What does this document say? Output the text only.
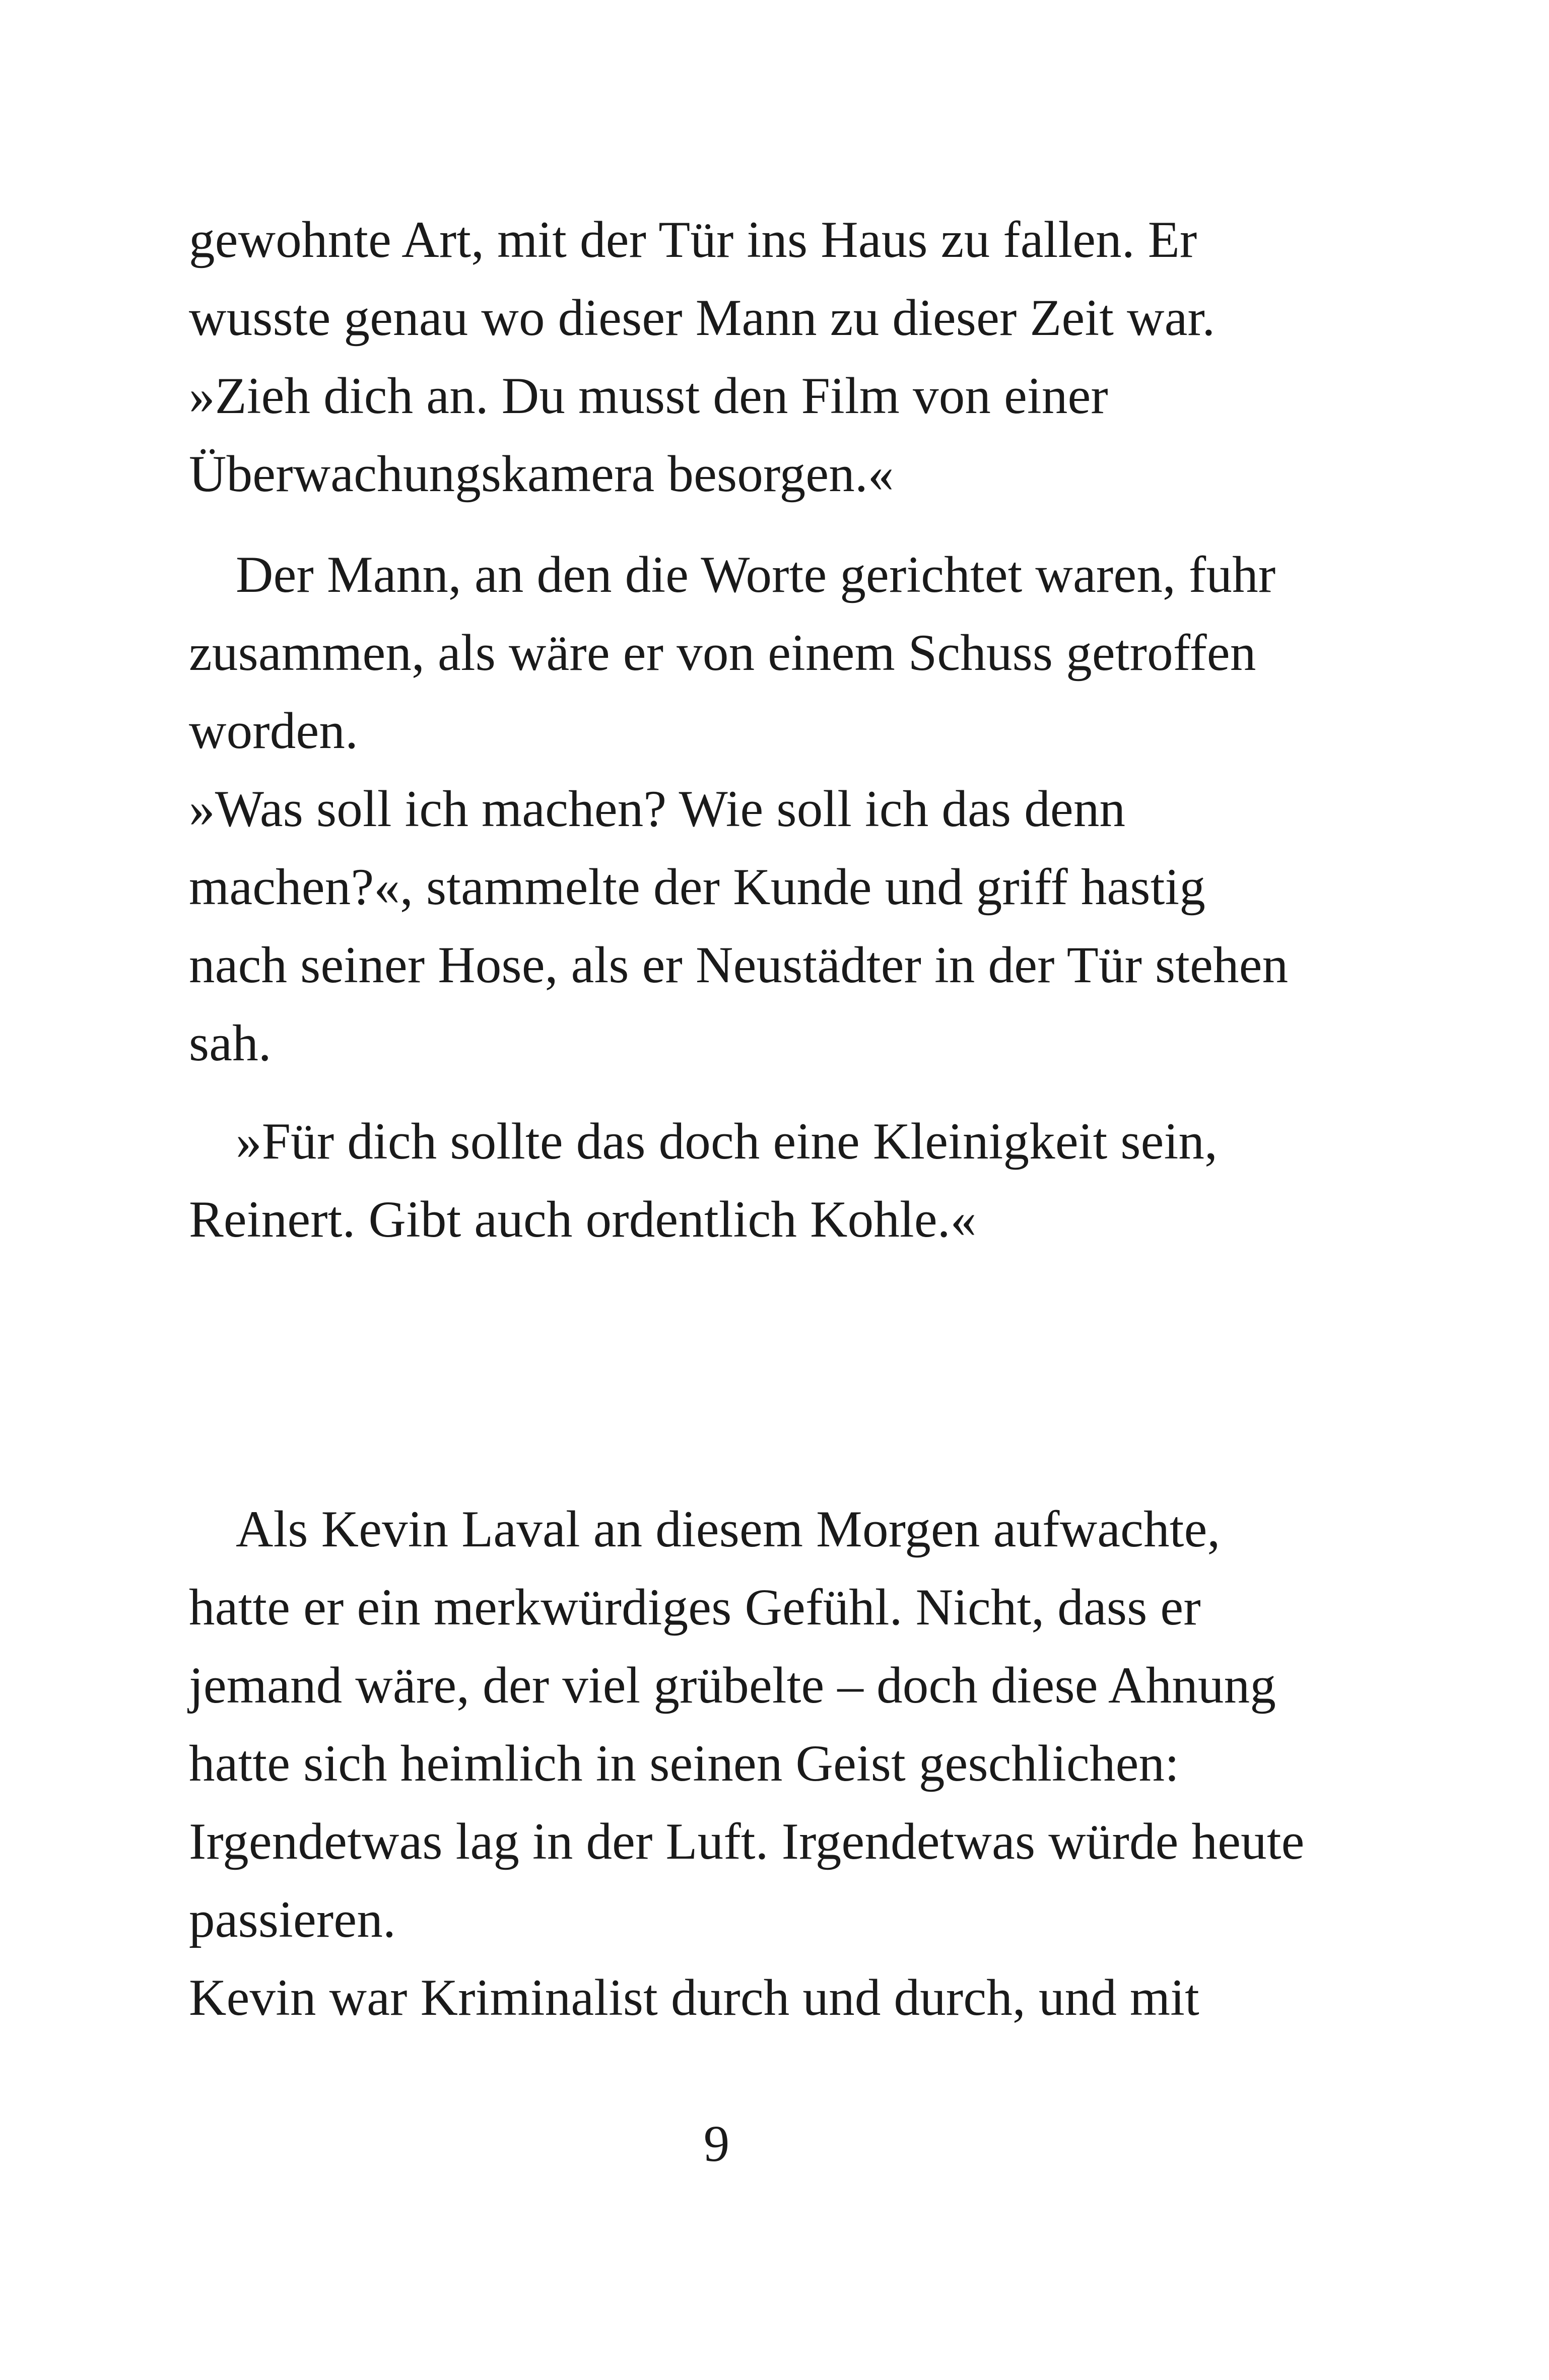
gewohnte Art, mit der Tür ins Haus zu fallen. Er
wusste genau wo dieser Mann zu dieser Zeit war.
»Zieh dich an. Du musst den Film von einer
Überwachungskamera besorgen.«
Der Mann, an den die Worte gerichtet waren, fuhr
zusammen, als wäre er von einem Schuss getroffen
worden.
»Was soll ich machen? Wie soll ich das denn
machen?«, stammelte der Kunde und griff hastig
nach seiner Hose, als er Neustädter in der Tür stehen
sah.
»Für dich sollte das doch eine Kleinigkeit sein,
Reinert. Gibt auch ordentlich Kohle.«
Als Kevin Laval an diesem Morgen aufwachte,
hatte er ein merkwürdiges Gefühl. Nicht, dass er
jemand wäre, der viel grübelte – doch diese Ahnung
hatte sich heimlich in seinen Geist geschlichen:
Irgendetwas lag in der Luft. Irgendetwas würde heute
passieren.
Kevin war Kriminalist durch und durch, und mit
9
